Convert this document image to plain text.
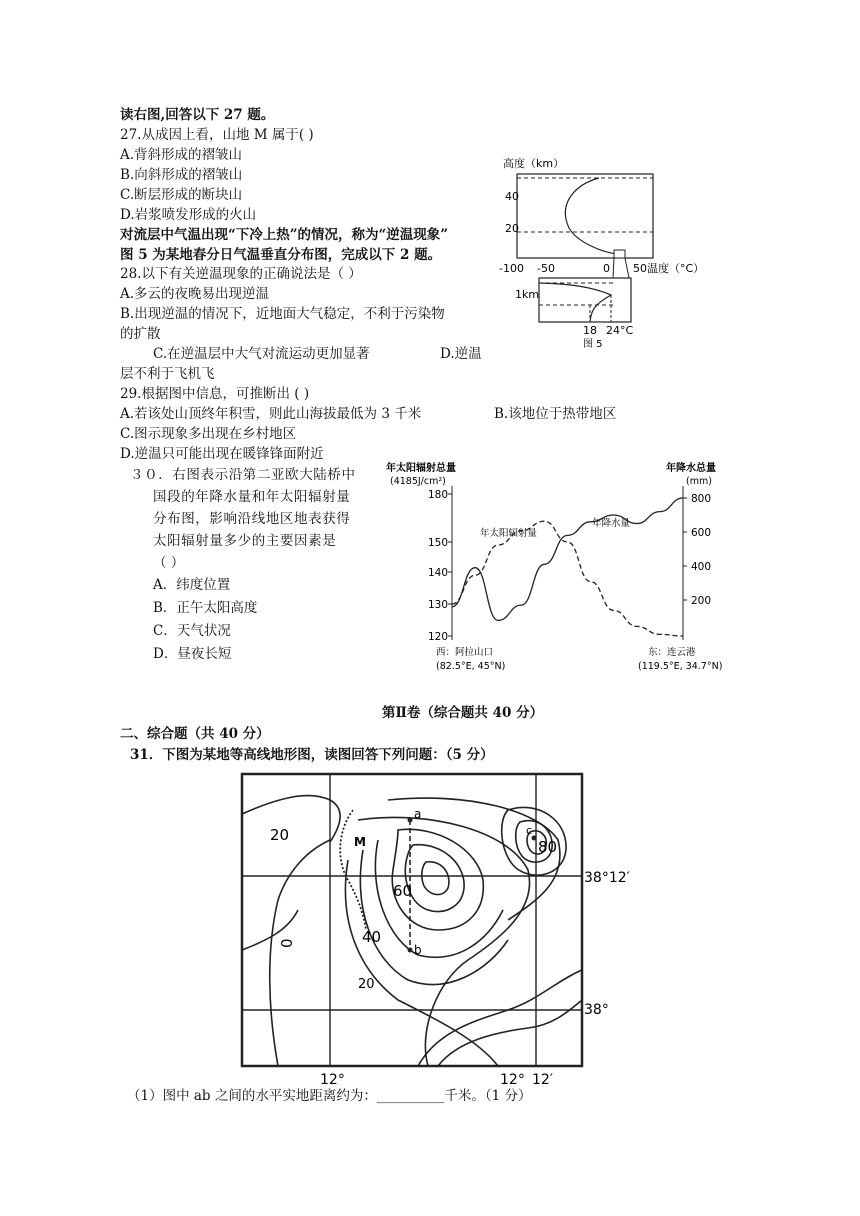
读右图,回答以下 27 题。
27.从成因上看，山地 M 属于( )
A.背斜形成的褶皱山
B.向斜形成的褶皱山
C.断层形成的断块山
D.岩浆喷发形成的火山
对流层中气温出现“下冷上热”的情况，称为“逆温现象”
图 5 为某地春分日气温垂直分布图，完成以下 2 题。
28.以下有关逆温现象的正确说法是（ ）
A.多云的夜晚易出现逆温
B.出现逆温的情况下，近地面大气稳定，不利于污染物
的扩散
C.在逆温层中大气对流运动更加显著	D.逆温
层不利于飞机飞
29.根据图中信息，可推断出 ( )
A.若该处山顶终年积雪，则此山海拔最低为 3 千米	B.该地位于热带地区
C.图示现象多出现在乡村地区
D.逆温只可能出现在暖锋锋面附近
３０．右图表示沿第二亚欧大陆桥中
国段的年降水量和年太阳辐射量
分布图，影响沿线地区地表获得
太阳辐射量多少的主要因素是
（ ）
A．纬度位置
B．正午太阳高度
C．天气状况
D．昼夜长短
高度（km）
40
20
-100 -50	0 50 温度（°C）
1km
18 24°C
图 5
年太阳辐射总量
(4185J/cm²)
年降水总量
(mm)
120
130
140
150
180
200
400
600
800
年太阳辐射量
年降水量
西：阿拉山口
(82.5°E, 45°N)
东：连云港
(119.5°E, 34.7°N)
第Ⅱ卷（综合题共 40 分）
二、综合题（共 40 分）
31．下图为某地等高线地形图，读图回答下列问题：（5 分）
20
0
60
40
20
80
M
a
b
c
38°12′
38°
12°	12° 12′
（1）图中 ab 之间的水平实地距离约为：__________千米。（1 分）
